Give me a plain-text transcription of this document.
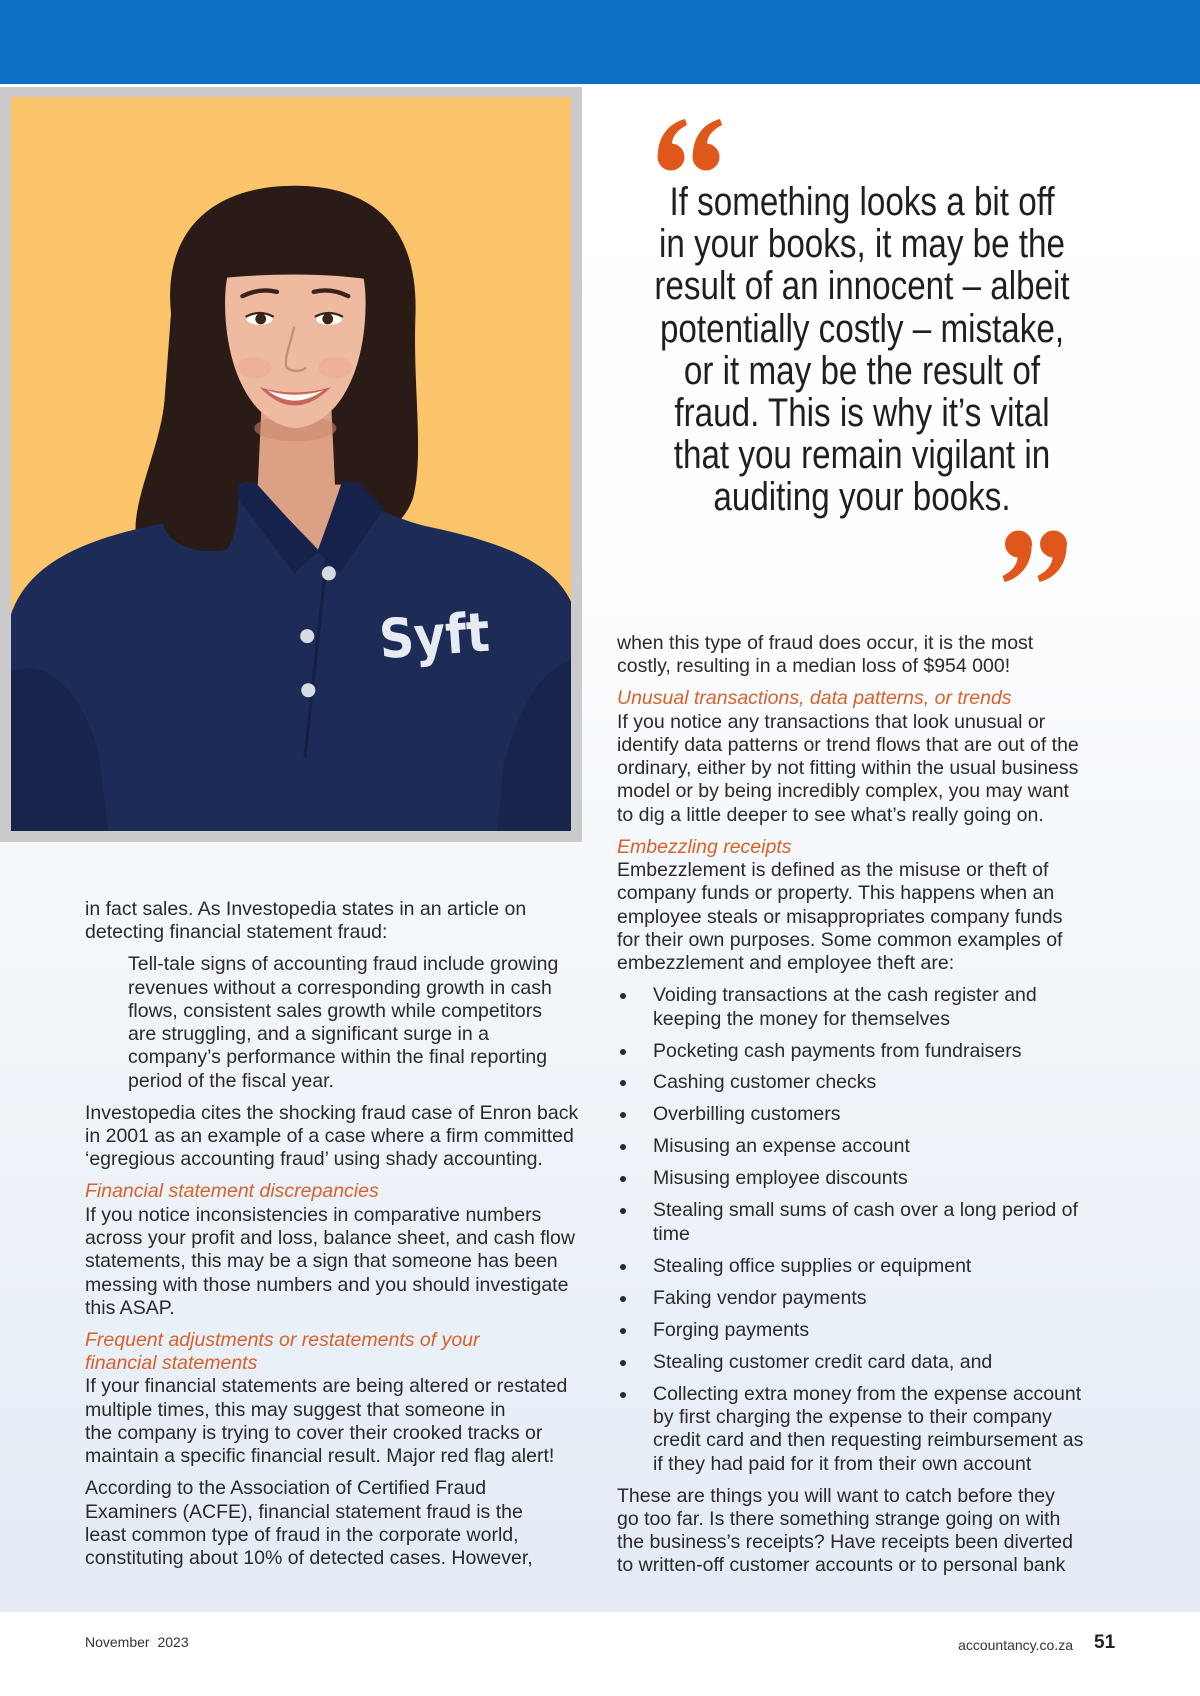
Syft
If something looks a bit off
in your books, it may be the
result of an innocent – albeit
potentially costly – mistake,
or it may be the result of
fraud. This is why it’s vital
that you remain vigilant in
auditing your books.
in fact sales. As Investopedia states in an article on
detecting financial statement fraud:
Tell-tale signs of accounting fraud include growing
revenues without a corresponding growth in cash
flows, consistent sales growth while competitors
are struggling, and a significant surge in a
company’s performance within the final reporting
period of the fiscal year.
Investopedia cites the shocking fraud case of Enron back
in 2001 as an example of a case where a firm committed
‘egregious accounting fraud’ using shady accounting.
Financial statement discrepancies
If you notice inconsistencies in comparative numbers
across your profit and loss, balance sheet, and cash flow
statements, this may be a sign that someone has been
messing with those numbers and you should investigate
this ASAP.
Frequent adjustments or restatements of your
financial statements
If your financial statements are being altered or restated
multiple times, this may suggest that someone in
the company is trying to cover their crooked tracks or
maintain a specific financial result. Major red flag alert!
According to the Association of Certified Fraud
Examiners (ACFE), financial statement fraud is the
least common type of fraud in the corporate world,
constituting about 10% of detected cases. However,
when this type of fraud does occur, it is the most
costly, resulting in a median loss of $954 000!
Unusual transactions, data patterns, or trends
If you notice any transactions that look unusual or
identify data patterns or trend flows that are out of the
ordinary, either by not fitting within the usual business
model or by being incredibly complex, you may want
to dig a little deeper to see what’s really going on.
Embezzling receipts
Embezzlement is defined as the misuse or theft of
company funds or property. This happens when an
employee steals or misappropriates company funds
for their own purposes. Some common examples of
embezzlement and employee theft are:
Voiding transactions at the cash register and
keeping the money for themselves
Pocketing cash payments from fundraisers
Cashing customer checks
Overbilling customers
Misusing an expense account
Misusing employee discounts
Stealing small sums of cash over a long period of
time
Stealing office supplies or equipment
Faking vendor payments
Forging payments
Stealing customer credit card data, and
Collecting extra money from the expense account
by first charging the expense to their company
credit card and then requesting reimbursement as
if they had paid for it from their own account
These are things you will want to catch before they
go too far. Is there something strange going on with
the business’s receipts? Have receipts been diverted
to written-off customer accounts or to personal bank
November 2023	accountancy.co.za 51
